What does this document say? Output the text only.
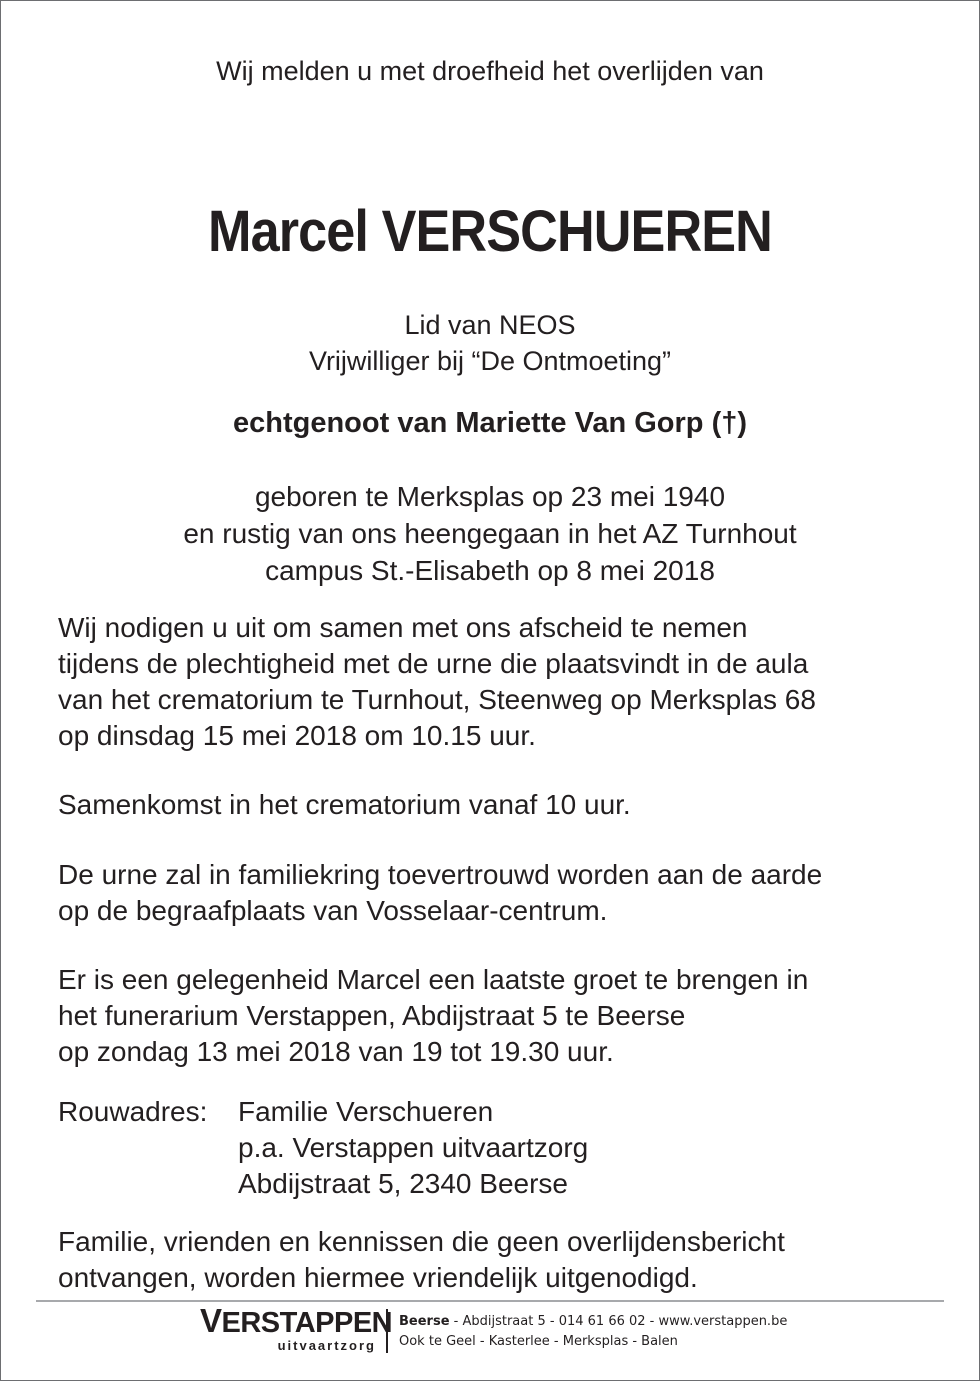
Wij melden u met droefheid het overlijden van
Marcel VERSCHUEREN
Lid van NEOS
Vrijwilliger bij “De Ontmoeting”
echtgenoot van Mariette Van Gorp (†)
geboren te Merksplas op 23 mei 1940
en rustig van ons heengegaan in het AZ Turnhout
campus St.-Elisabeth op 8 mei 2018
Wij nodigen u uit om samen met ons afscheid te nemen
tijdens de plechtigheid met de urne die plaatsvindt in de aula
van het crematorium te Turnhout, Steenweg op Merksplas 68
op dinsdag 15 mei 2018 om 10.15 uur.
Samenkomst in het crematorium vanaf 10 uur.
De urne zal in familiekring toevertrouwd worden aan de aarde
op de begraafplaats van Vosselaar-centrum.
Er is een gelegenheid Marcel een laatste groet te brengen in
het funerarium Verstappen, Abdijstraat 5 te Beerse
op zondag 13 mei 2018 van 19 tot 19.30 uur.
Rouwadres:	Familie Verschueren
p.a. Verstappen uitvaartzorg
Abdijstraat 5, 2340 Beerse
Familie, vrienden en kennissen die geen overlijdensbericht
ontvangen, worden hiermee vriendelijk uitgenodigd.
VERSTAPPEN
uitvaartzorg
Beerse - Abdijstraat 5 - 014 61 66 02 - www.verstappen.be
Ook te Geel - Kasterlee - Merksplas - Balen
